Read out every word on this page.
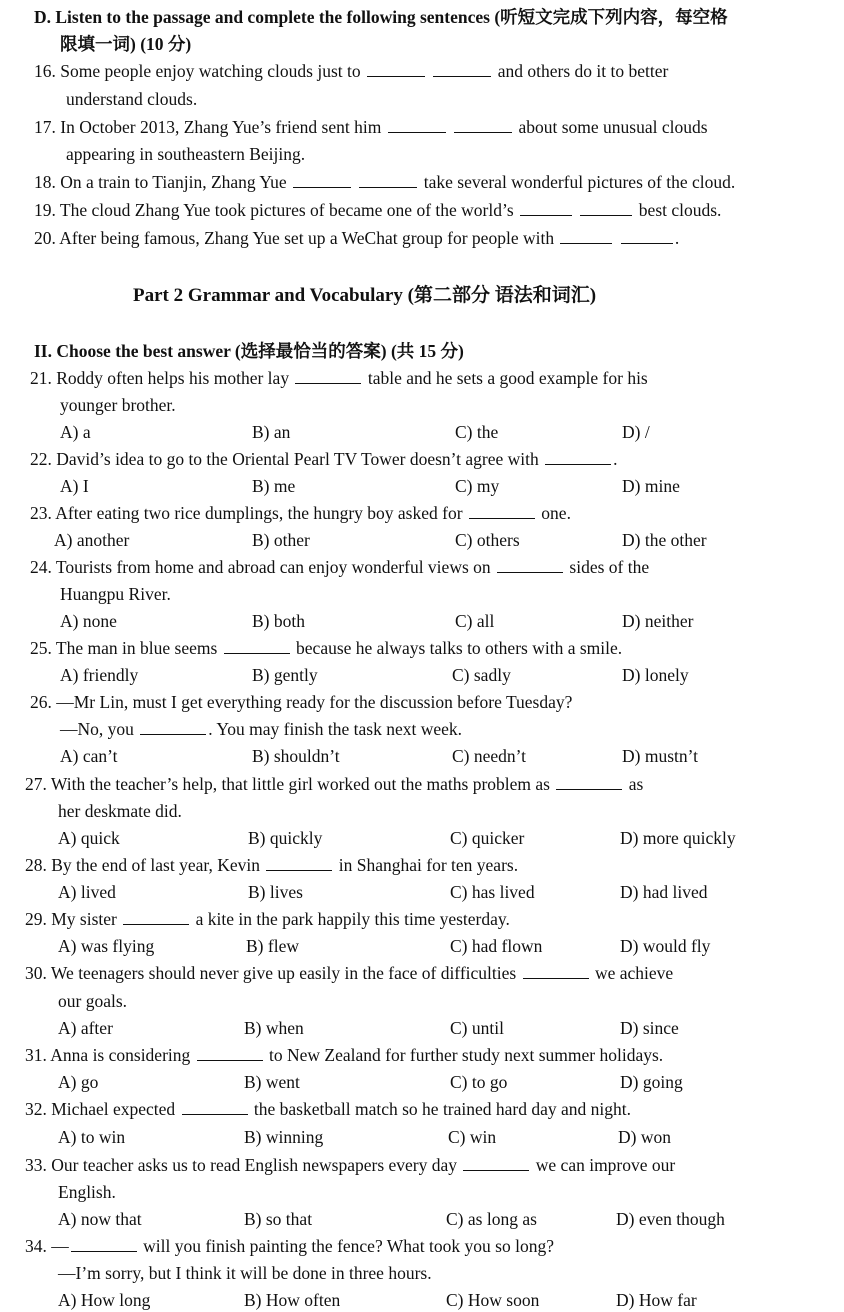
D. Listen to the passage and complete the following sentences (听短文完成下列内容，每空格
限填一词) (10 分)
16. Some people enjoy watching clouds just to	and others do it to better
understand clouds.
17. In October 2013, Zhang Yue’s friend sent him	about some unusual clouds
appearing in southeastern Beijing.
18. On a train to Tianjin, Zhang Yue	take several wonderful pictures of the cloud.
19. The cloud Zhang Yue took pictures of became one of the world’s	best clouds.
20. After being famous, Zhang Yue set up a WeChat group for people with	.
Part 2 Grammar and Vocabulary (第二部分 语法和词汇)
II. Choose the best answer (选择最恰当的答案) (共 15 分)
21. Roddy often helps his mother lay	table and he sets a good example for his
younger brother.
A) a	B) an	C) the	D) /
22. David’s idea to go to the Oriental Pearl TV Tower doesn’t agree with	.
A) I	B) me	C) my	D) mine
23. After eating two rice dumplings, the hungry boy asked for	one.
A) another	B) other	C) others	D) the other
24. Tourists from home and abroad can enjoy wonderful views on	sides of the
Huangpu River.
A) none	B) both	C) all	D) neither
25. The man in blue seems	because he always talks to others with a smile.
A) friendly	B) gently	C) sadly	D) lonely
26. —Mr Lin, must I get everything ready for the discussion before Tuesday?
—No, you	. You may finish the task next week.
A) can’t	B) shouldn’t	C) needn’t	D) mustn’t
27. With the teacher’s help, that little girl worked out the maths problem as	as
her deskmate did.
A) quick	B) quickly	C) quicker	D) more quickly
28. By the end of last year, Kevin	in Shanghai for ten years.
A) lived	B) lives	C) has lived	D) had lived
29. My sister	a kite in the park happily this time yesterday.
A) was flying	B) flew	C) had flown	D) would fly
30. We teenagers should never give up easily in the face of difficulties	we achieve
our goals.
A) after	B) when	C) until	D) since
31. Anna is considering	to New Zealand for further study next summer holidays.
A) go	B) went	C) to go	D) going
32. Michael expected	the basketball match so he trained hard day and night.
A) to win	B) winning	C) win	D) won
33. Our teacher asks us to read English newspapers every day	we can improve our
English.
A) now that	B) so that	C) as long as	D) even though
34. —	will you finish painting the fence? What took you so long?
—I’m sorry, but I think it will be done in three hours.
A) How long	B) How often	C) How soon	D) How far
